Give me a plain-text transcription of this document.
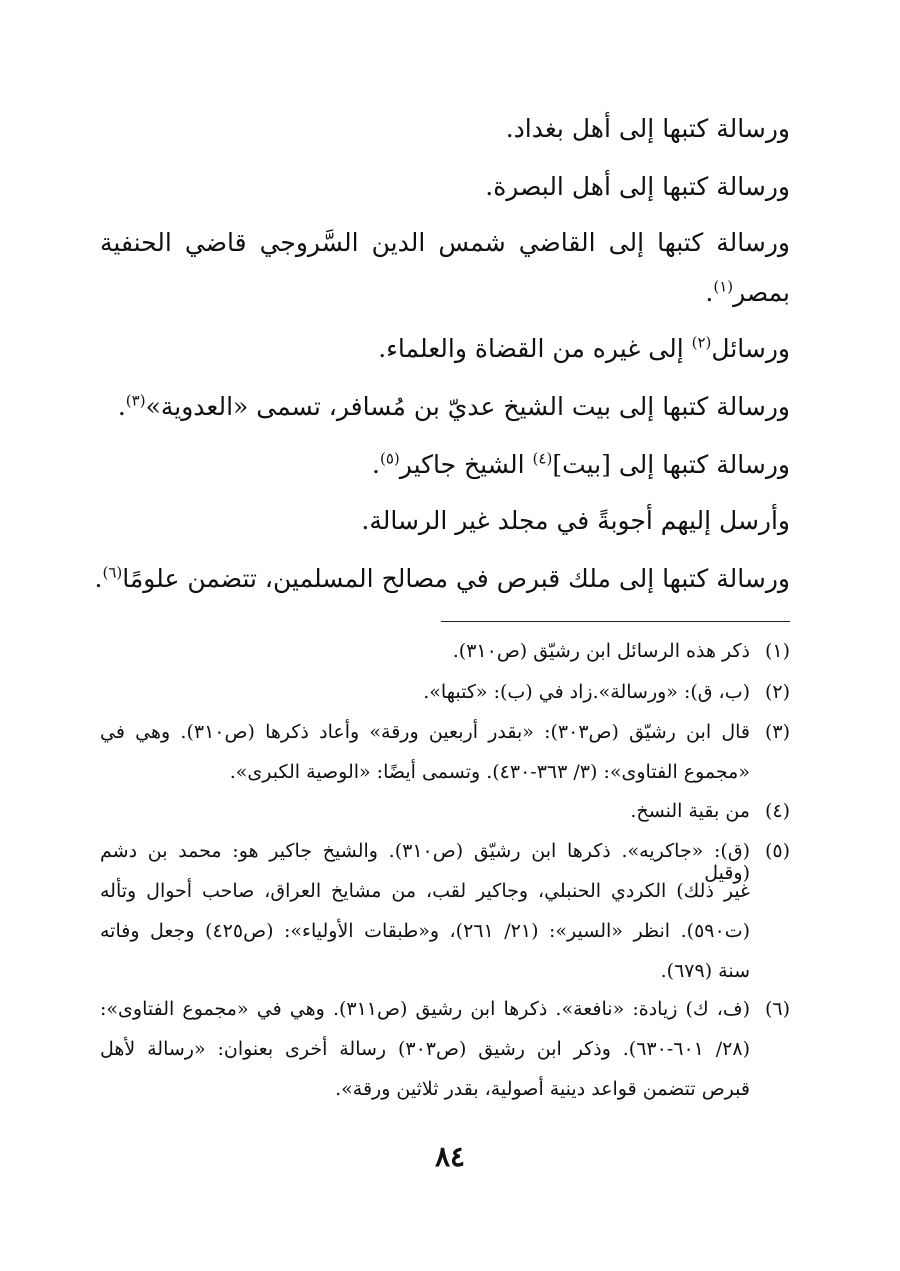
ورسالة كتبها إلى أهل بغداد.

ورسالة كتبها إلى أهل البصرة.

ورسالة كتبها إلى القاضي شمس الدين السَّروجي قاضي الحنفية

بمصر$^{(١)}$.

ورسائل$^{(٢)}$ إلى غيره من القضاة والعلماء.

ورسالة كتبها إلى بيت الشيخ عديّ بن مُسافر، تسمى «العدوية»$^{(٣)}$.

ورسالة كتبها إلى [بيت]$^{(٤)}$ الشيخ جاكير$^{(٥)}$.

وأرسل إليهم أجوبةً في مجلد غير الرسالة.

ورسالة كتبها إلى ملك قبرص في مصالح المسلمين، تتضمن علومًا$^{(٦)}$.

(١)
ذكر هذه الرسائل ابن رشيّق (ص٣١٠).
(٢)
(ب، ق): «ورسالة».زاد في (ب): «كتبها».
(٣)
قال ابن رشيّق (ص٣٠٣): «بقدر أربعين ورقة» وأعاد ذكرها (ص٣١٠). وهي في
«مجموع الفتاوى»: (٣/ ٣٦٣-٤٣٠). وتسمى أيضًا: «الوصية الكبرى».
(٤)
من بقية النسخ.
(٥)
(ق): «جاكريه». ذكرها ابن رشيّق (ص٣١٠). والشيخ جاكير هو: محمد بن دشم (وقيل
غير ذلك) الكردي الحنبلي، وجاكير لقب، من مشايخ العراق، صاحب أحوال وتأله
(ت٥٩٠). انظر «السير»: (٢١/ ٢٦١)، و«طبقات الأولياء»: (ص٤٢٥) وجعل وفاته
سنة (٦٧٩).
(٦)
(ف، ك) زيادة: «نافعة». ذكرها ابن رشيق (ص٣١١). وهي في «مجموع الفتاوى»:
(٢٨/ ٦٠١-٦٣٠). وذكر ابن رشيق (ص٣٠٣) رسالة أخرى بعنوان: «رسالة لأهل
قبرص تتضمن قواعد دينية أصولية، بقدر ثلاثين ورقة».
٨٤
